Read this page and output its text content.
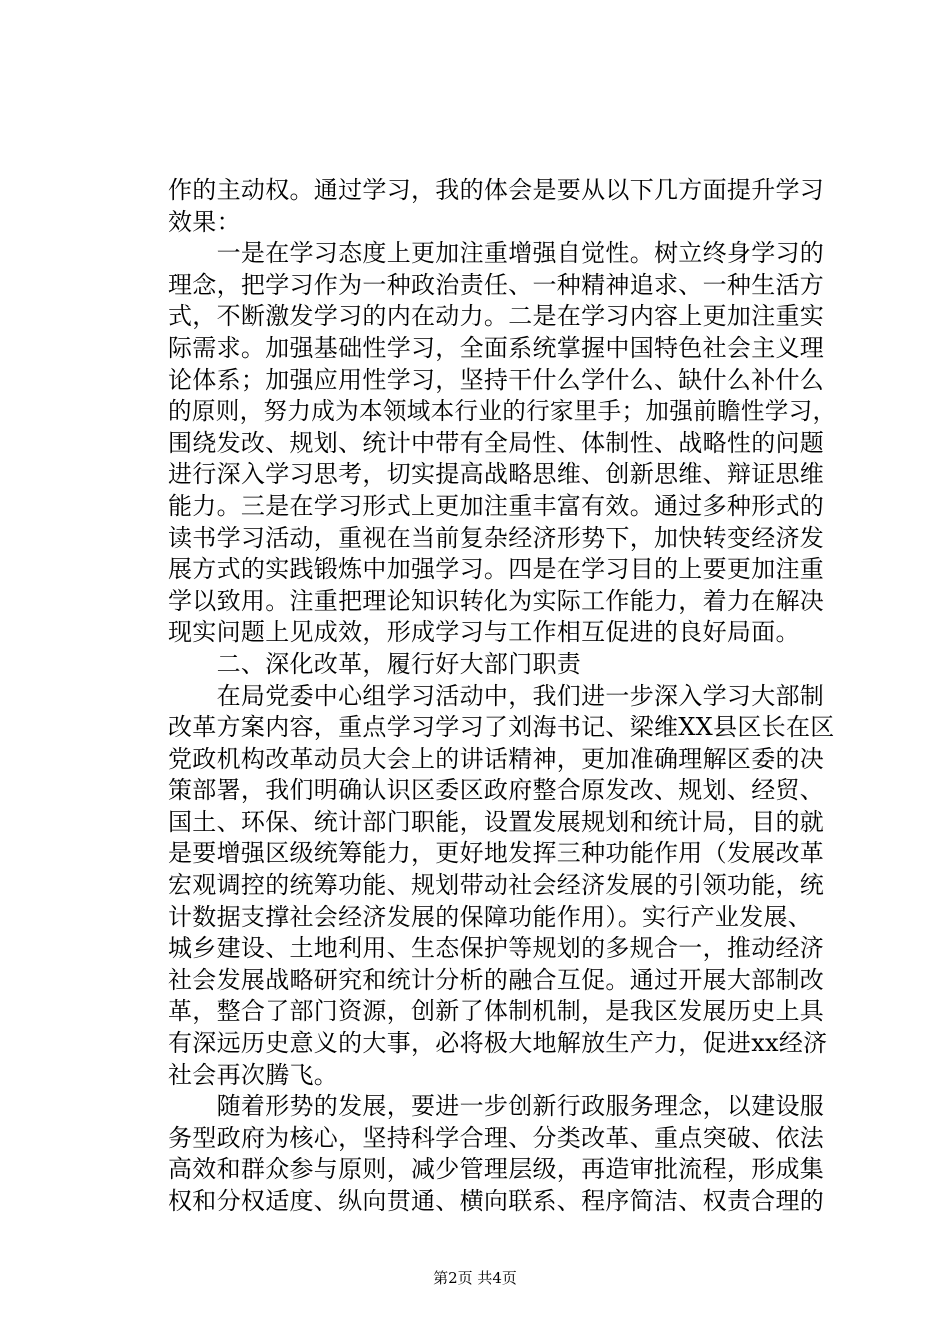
作的主动权。通过学习，我的体会是要从以下几方面提升学习
效果：
　　一是在学习态度上更加注重增强自觉性。树立终身学习的
理念，把学习作为一种政治责任、一种精神追求、一种生活方
式，不断激发学习的内在动力。二是在学习内容上更加注重实
际需求。加强基础性学习，全面系统掌握中国特色社会主义理
论体系；加强应用性学习，坚持干什么学什么、缺什么补什么
的原则，努力成为本领域本行业的行家里手；加强前瞻性学习，
围绕发改、规划、统计中带有全局性、体制性、战略性的问题
进行深入学习思考，切实提高战略思维、创新思维、辩证思维
能力。三是在学习形式上更加注重丰富有效。通过多种形式的
读书学习活动，重视在当前复杂经济形势下，加快转变经济发
展方式的实践锻炼中加强学习。四是在学习目的上要更加注重
学以致用。注重把理论知识转化为实际工作能力，着力在解决
现实问题上见成效，形成学习与工作相互促进的良好局面。
　　二、深化改革，履行好大部门职责
　　在局党委中心组学习活动中，我们进一步深入学习大部制
改革方案内容，重点学习学习了刘海书记、梁维XX县区长在区
党政机构改革动员大会上的讲话精神，更加准确理解区委的决
策部署，我们明确认识区委区政府整合原发改、规划、经贸、
国土、环保、统计部门职能，设置发展规划和统计局，目的就
是要增强区级统筹能力，更好地发挥三种功能作用（发展改革
宏观调控的统筹功能、规划带动社会经济发展的引领功能，统
计数据支撑社会经济发展的保障功能作用）。实行产业发展、
城乡建设、土地利用、生态保护等规划的多规合一，推动经济
社会发展战略研究和统计分析的融合互促。通过开展大部制改
革，整合了部门资源，创新了体制机制，是我区发展历史上具
有深远历史意义的大事，必将极大地解放生产力，促进xx经济
社会再次腾飞。
　　随着形势的发展，要进一步创新行政服务理念，以建设服
务型政府为核心，坚持科学合理、分类改革、重点突破、依法
高效和群众参与原则，减少管理层级，再造审批流程，形成集
权和分权适度、纵向贯通、横向联系、程序简洁、权责合理的
第2页 共4页
